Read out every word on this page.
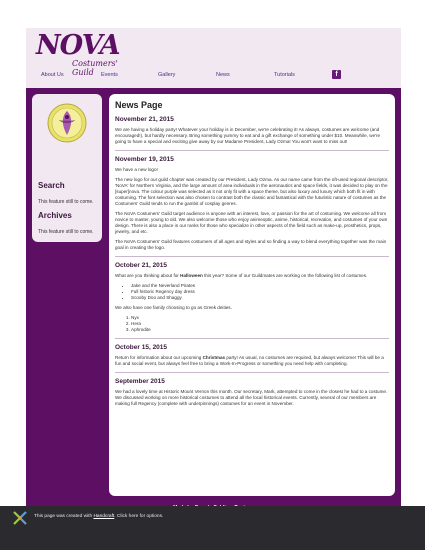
NOVA
Costumers' Guild
About Us	Events	Gallery	News	Tutorials	f
Search

This feature still to come.

Archives

This feature still to come.

News Page
November 21, 2015

We are having a holiday party! Whatever your holiday is in December, we're celebrating it! As always, costumes are welcome (and encouraged!), but hardly necessary. Bring something yummy to eat and a gift exchange of something under $10. Meanwhile, we're going to have a special and exciting give away by our Madame President, Lady Ozma! You won't want to miss out!

November 19, 2015

We have a new logo!

The new logo for our guild chapter was created by our President, Lady Ozma. As our name came from the oft-used regional descriptor, 'NoVA' for Northern Virginia, and the large amount of area individuals in the aeronautics and space fields, it was decided to play on the [super]nova. The colour purple was selected as it not only fit with a space theme, but also luxury and luxury which both fit in with costuming. The font selection was also chosen to contrast both the classic and fantastical with the futuristic nature of costumes as the Costumers' Guild tends to run the gambit of cosplay genres.

The NoVA Costumers' Guild target audience is anyone with an interest, love, or passion for the art of costuming. We welcome all from novice to master, young to old. We also welcome those who enjoy animeoptic, anime, historical, recreation, and costumes of your own design. There is also a place in our ranks for those who specialize in other aspects of the field such as make-up, prosthetics, props, jewelry, and etc.

The NoVA Costumers' Guild features costumers of all ages and styles and so finding a way to blend everything together was the main goal in creating the logo.

October 21, 2015

What are you thinking about for Halloween this year? Some of our Guildmates are working on the following list of costumes.

• Jake and the Neverland Pirates
• Full historic Regency day dress
• Scooby Doo and Shaggy

We also have one family choosing to go as Greek deities.

1. Nyx
2. Hera
3. Aphrodite
October 15, 2015

Return for information about our upcoming Christmas party! As usual, no costumes are required, but always welcome! This will be a fun and social event, but always feel free to bring a Work-In-Progress or something you need help with completing.

September 2015

We had a lovely time at Historic Mount Vernon this month. Our secretary, Mark, attempted to come in the closest he had to a costume. We discussed working on more historical costumes to attend all the local historical events. Currently, several of our members are making full Regency (complete with underpinnings) costumes for an event in November.

This page was created with Handcraft. Click here for options.
